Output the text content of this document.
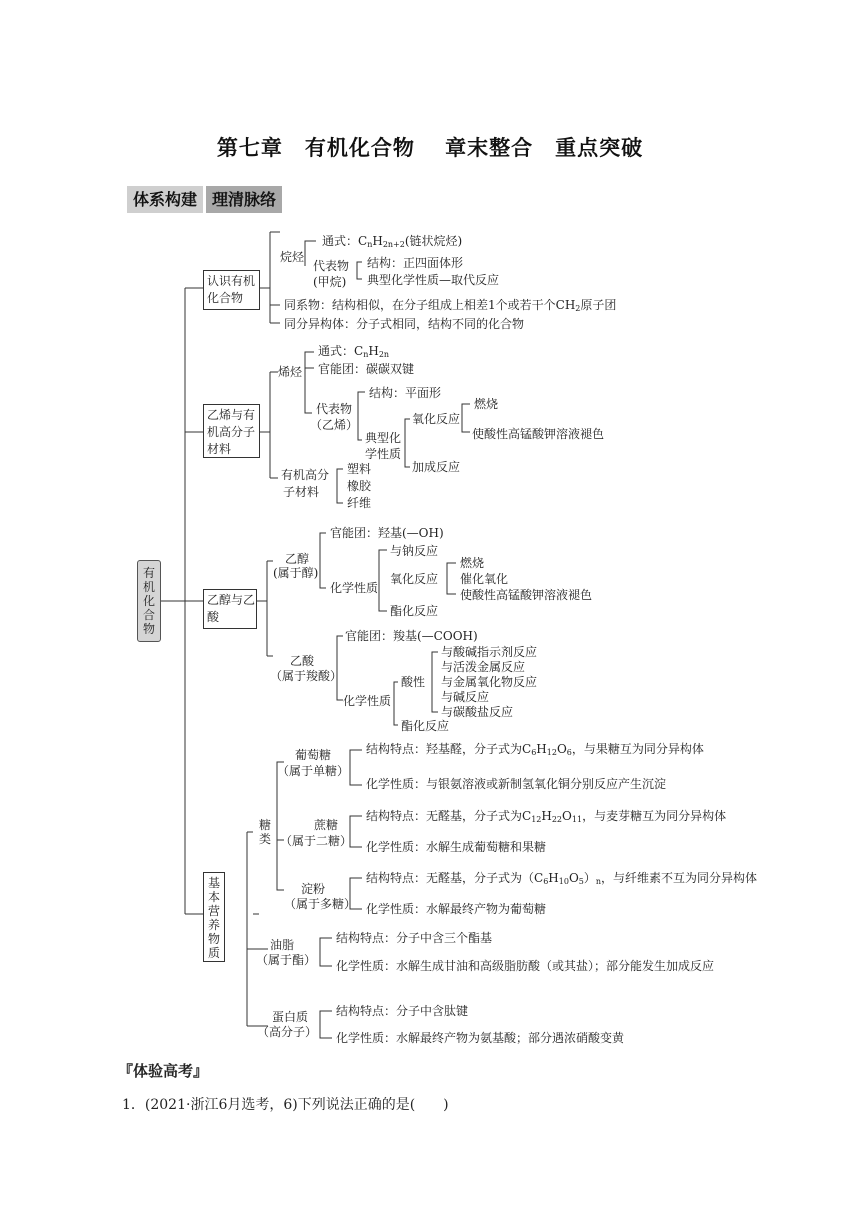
第七章　有机化合物　 章末整合　重点突破
体系构建 理清脉络
有机化合物
认识有机化合物
烷烃
通式：$C_nH_{2n+2}$(链状烷烃)
代表物
(甲烷)
结构：正四面体形
典型化学性质—取代反应
同系物：结构相似，在分子组成上相差1个或若干个$CH_2$原子团
同分异构体：分子式相同，结构不同的化合物
乙烯与有机高分子材料
烯烃
通式：$C_nH_{2n}$
官能团：碳碳双键
代表物
（乙烯）
结构：平面形
典型化
学性质
氧化反应
燃烧
使酸性高锰酸钾溶液褪色
加成反应
有机高分
子材料
塑料
橡胶
纤维
乙醇与乙酸
乙醇
(属于醇)
官能团：羟基(—OH)
化学性质
与钠反应
氧化反应
燃烧
催化氧化
使酸性高锰酸钾溶液褪色
酯化反应
乙酸
（属于羧酸）
官能团：羧基(—COOH)
化学性质
酸性
与酸碱指示剂反应
与活泼金属反应
与金属氧化物反应
与碱反应
与碳酸盐反应
酯化反应
基本营养物质
糖类
葡萄糖
（属于单糖）
结构特点：羟基醛，分子式为$C_6H_{12}O_6$，与果糖互为同分异构体
化学性质：与银氨溶液或新制氢氧化铜分别反应产生沉淀
蔗糖
（属于二糖）
结构特点：无醛基，分子式为$C_{12}H_{22}O_{11}$，与麦芽糖互为同分异构体
化学性质：水解生成葡萄糖和果糖
淀粉
（属于多糖）
结构特点：无醛基，分子式为$(C_6H_{10}O_5)_n$，与纤维素不互为同分异构体
化学性质：水解最终产物为葡萄糖
油脂
（属于酯）
结构特点：分子中含三个酯基
化学性质：水解生成甘油和高级脂肪酸（或其盐）；部分能发生加成反应
蛋白质
（高分子）
结构特点：分子中含肽键
化学性质：水解最终产物为氨基酸；部分遇浓硝酸变黄
『体验高考』
1．(2021·浙江6月选考，6)下列说法正确的是(　　)
